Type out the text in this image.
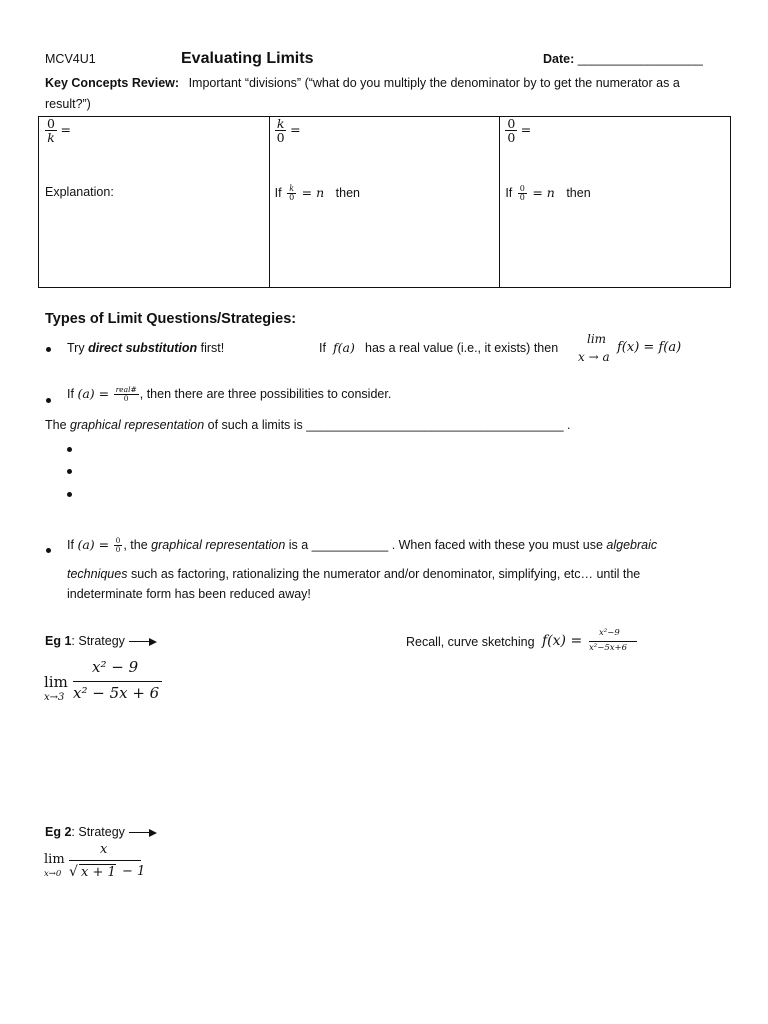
MCV4U1	Evaluating Limits	Date: __________________
Key Concepts Review: Important “divisions” (“what do you multiply the denominator by to get the numerator as a
result?”)
$\frac{0}{k}$ =
Explanation:

$\frac{k}{0}$ =
If $\frac{k}{0} = n$ then

$\frac{0}{0}$ =
If $\frac{0}{0} = n$ then
Types of Limit Questions/Strategies:
Try direct substitution first!	If f(a) has a real value (i.e., it exists) then
lim
x → a
f(x) = f(a)
If $(a) = \frac{\text{real\#}}{0}$ , then there are three possibilities to consider.
The graphical representation of such a limits is _____________________________________ .
If $(a) = \frac{0}{0}$ , the graphical representation is a ___________ . When faced with these you must use algebraic
techniques such as factoring, rationalizing the numerator and/or denominator, simplifying, etc… until the
indeterminate form has been reduced away!
Eg 1: Strategy
lim
x→3
x² − 9
x² − 5x + 6
Recall, curve sketching f(x) = x²−9
x²−5x+6
Eg 2: Strategy
lim
x→0
x
√ x + 1 − 1
